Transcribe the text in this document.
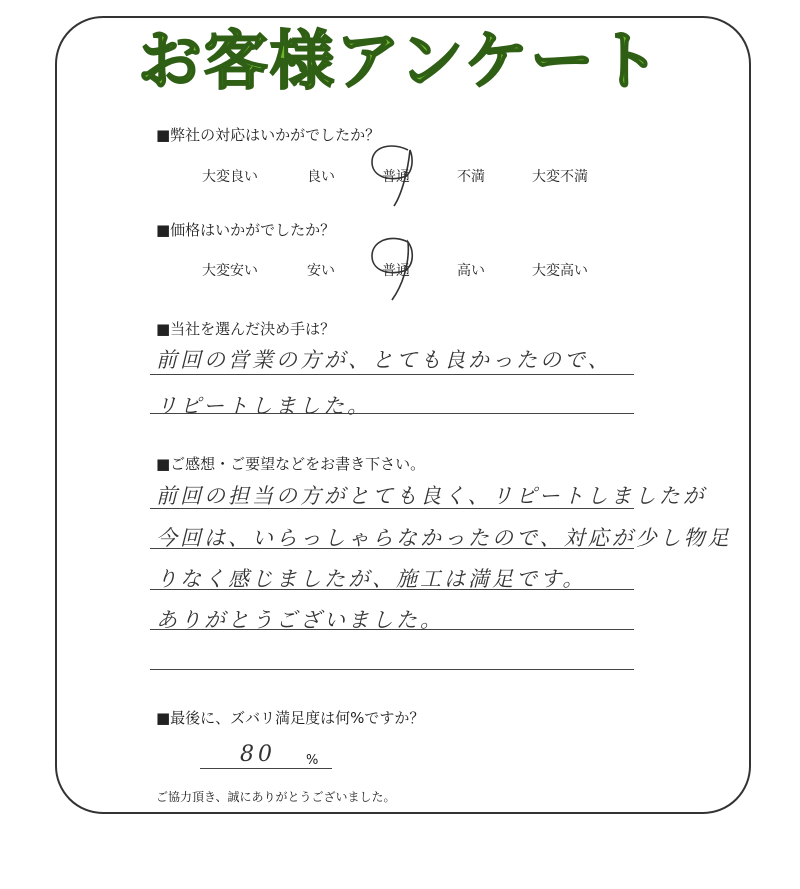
お客様アンケート
■弊社の対応はいかがでしたか？
大変良い	良い	普通	不満	大変不満
■価格はいかがでしたか？
大変安い	安い	普通	高い	大変高い
■当社を選んだ決め手は？
前回の営業の方が、とても良かったので、
リピートしました。
■ご感想・ご要望などをお書き下さい。
前回の担当の方がとても良く、リピートしましたが
今回は、いらっしゃらなかったので、対応が少し物足
りなく感じましたが、施工は満足です。
ありがとうございました。
■最後に、ズバリ満足度は何%ですか？
80 %
ご協力頂き、誠にありがとうございました。
